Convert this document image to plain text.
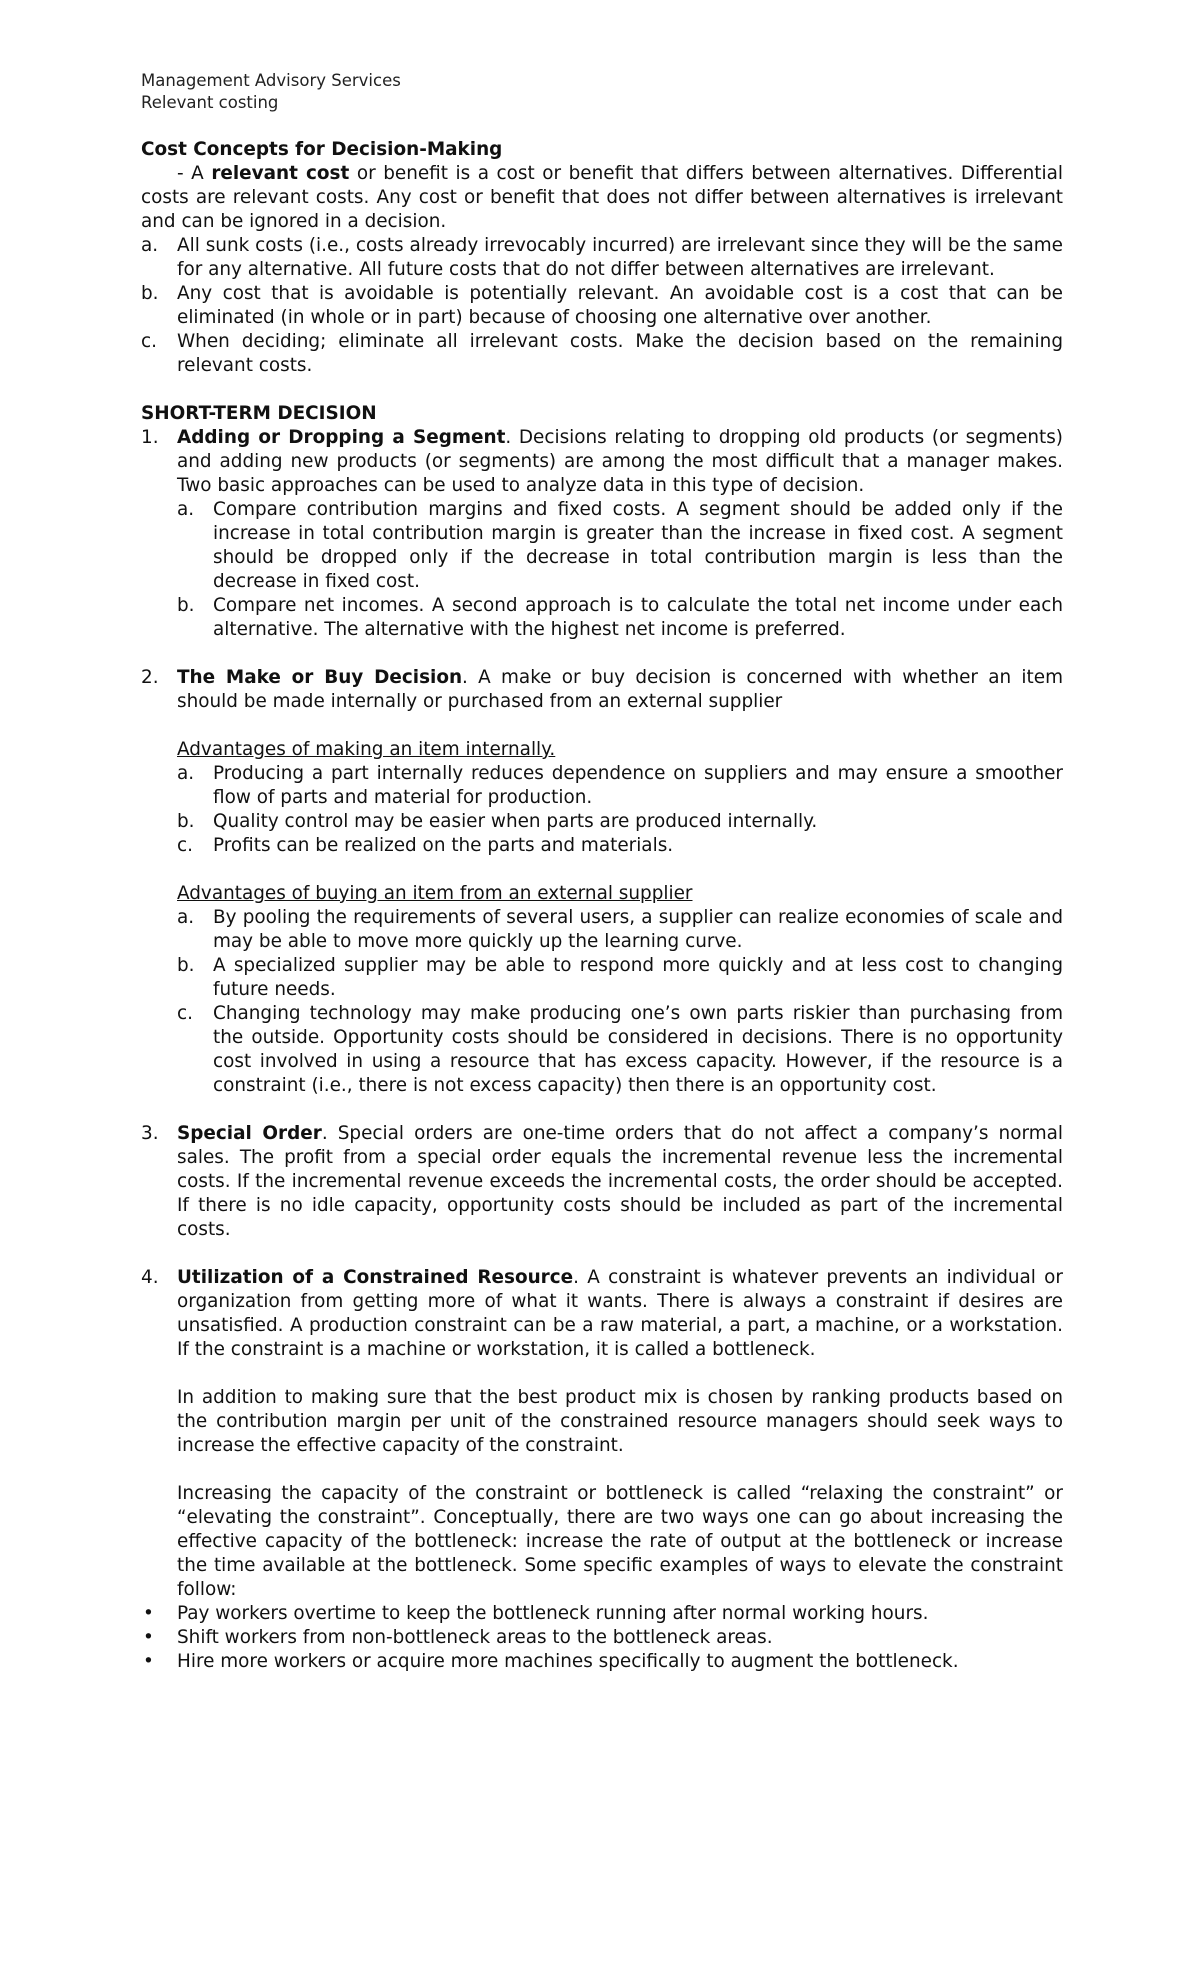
Management Advisory Services
Relevant costing
Cost Concepts for Decision-Making
- A relevant cost or benefit is a cost or benefit that differs between alternatives. Differential costs are relevant costs. Any cost or benefit that does not differ between alternatives is irrelevant and can be ignored in a decision.
a. All sunk costs (i.e., costs already irrevocably incurred) are irrelevant since they will be the same for any alternative. All future costs that do not differ between alternatives are irrelevant.
b. Any cost that is avoidable is potentially relevant. An avoidable cost is a cost that can be eliminated (in whole or in part) because of choosing one alternative over another.
c. When deciding; eliminate all irrelevant costs. Make the decision based on the remaining relevant costs.
SHORT-TERM DECISION
1. Adding or Dropping a Segment. Decisions relating to dropping old products (or segments) and adding new products (or segments) are among the most difficult that a manager makes. Two basic approaches can be used to analyze data in this type of decision.
a. Compare contribution margins and fixed costs. A segment should be added only if the increase in total contribution margin is greater than the increase in fixed cost. A segment should be dropped only if the decrease in total contribution margin is less than the decrease in fixed cost.
b. Compare net incomes. A second approach is to calculate the total net income under each alternative. The alternative with the highest net income is preferred.
2. The Make or Buy Decision. A make or buy decision is concerned with whether an item should be made internally or purchased from an external supplier
Advantages of making an item internally.
a. Producing a part internally reduces dependence on suppliers and may ensure a smoother flow of parts and material for production.
b. Quality control may be easier when parts are produced internally.
c. Profits can be realized on the parts and materials.
Advantages of buying an item from an external supplier
a. By pooling the requirements of several users, a supplier can realize economies of scale and may be able to move more quickly up the learning curve.
b. A specialized supplier may be able to respond more quickly and at less cost to changing future needs.
c. Changing technology may make producing one’s own parts riskier than purchasing from the outside. Opportunity costs should be considered in decisions. There is no opportunity cost involved in using a resource that has excess capacity. However, if the resource is a constraint (i.e., there is not excess capacity) then there is an opportunity cost.
3. Special Order. Special orders are one-time orders that do not affect a company’s normal sales. The profit from a special order equals the incremental revenue less the incremental costs. If the incremental revenue exceeds the incremental costs, the order should be accepted. If there is no idle capacity, opportunity costs should be included as part of the incremental costs.
4. Utilization of a Constrained Resource. A constraint is whatever prevents an individual or organization from getting more of what it wants. There is always a constraint if desires are unsatisfied. A production constraint can be a raw material, a part, a machine, or a workstation. If the constraint is a machine or workstation, it is called a bottleneck.
In addition to making sure that the best product mix is chosen by ranking products based on the contribution margin per unit of the constrained resource managers should seek ways to increase the effective capacity of the constraint.
Increasing the capacity of the constraint or bottleneck is called “relaxing the constraint” or “elevating the constraint”. Conceptually, there are two ways one can go about increasing the effective capacity of the bottleneck: increase the rate of output at the bottleneck or increase the time available at the bottleneck. Some specific examples of ways to elevate the constraint follow:
• Pay workers overtime to keep the bottleneck running after normal working hours.
• Shift workers from non-bottleneck areas to the bottleneck areas.
• Hire more workers or acquire more machines specifically to augment the bottleneck.
